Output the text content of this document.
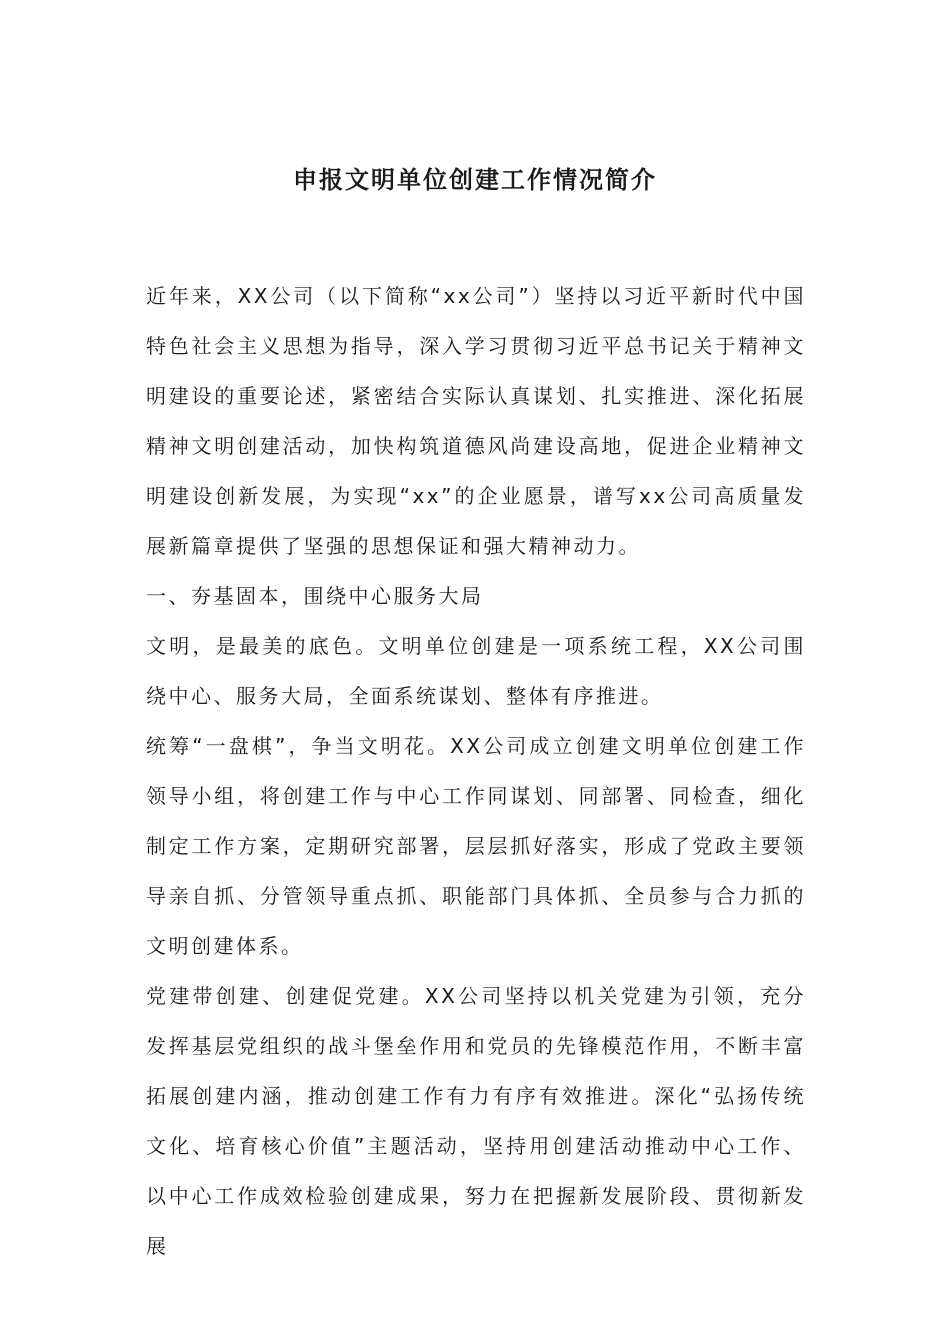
申报文明单位创建工作情况简介

近年来，XX公司（以下简称“xx公司”）坚持以习近平新时代中国特色社会主义思想为指导，深入学习贯彻习近平总书记关于精神文明建设的重要论述，紧密结合实际认真谋划、扎实推进、深化拓展精神文明创建活动，加快构筑道德风尚建设高地，促进企业精神文明建设创新发展，为实现“xx”的企业愿景，谱写xx公司高质量发展新篇章提供了坚强的思想保证和强大精神动力。

一、夯基固本，围绕中心服务大局

文明，是最美的底色。文明单位创建是一项系统工程，XX公司围绕中心、服务大局，全面系统谋划、整体有序推进。

统筹“一盘棋”，争当文明花。XX公司成立创建文明单位创建工作领导小组，将创建工作与中心工作同谋划、同部署、同检查，细化制定工作方案，定期研究部署，层层抓好落实，形成了党政主要领导亲自抓、分管领导重点抓、职能部门具体抓、全员参与合力抓的文明创建体系。

党建带创建、创建促党建。XX公司坚持以机关党建为引领，充分发挥基层党组织的战斗堡垒作用和党员的先锋模范作用，不断丰富拓展创建内涵，推动创建工作有力有序有效推进。深化“弘扬传统文化、培育核心价值”主题活动，坚持用创建活动推动中心工作、以中心工作成效检验创建成果，努力在把握新发展阶段、贯彻新发展
